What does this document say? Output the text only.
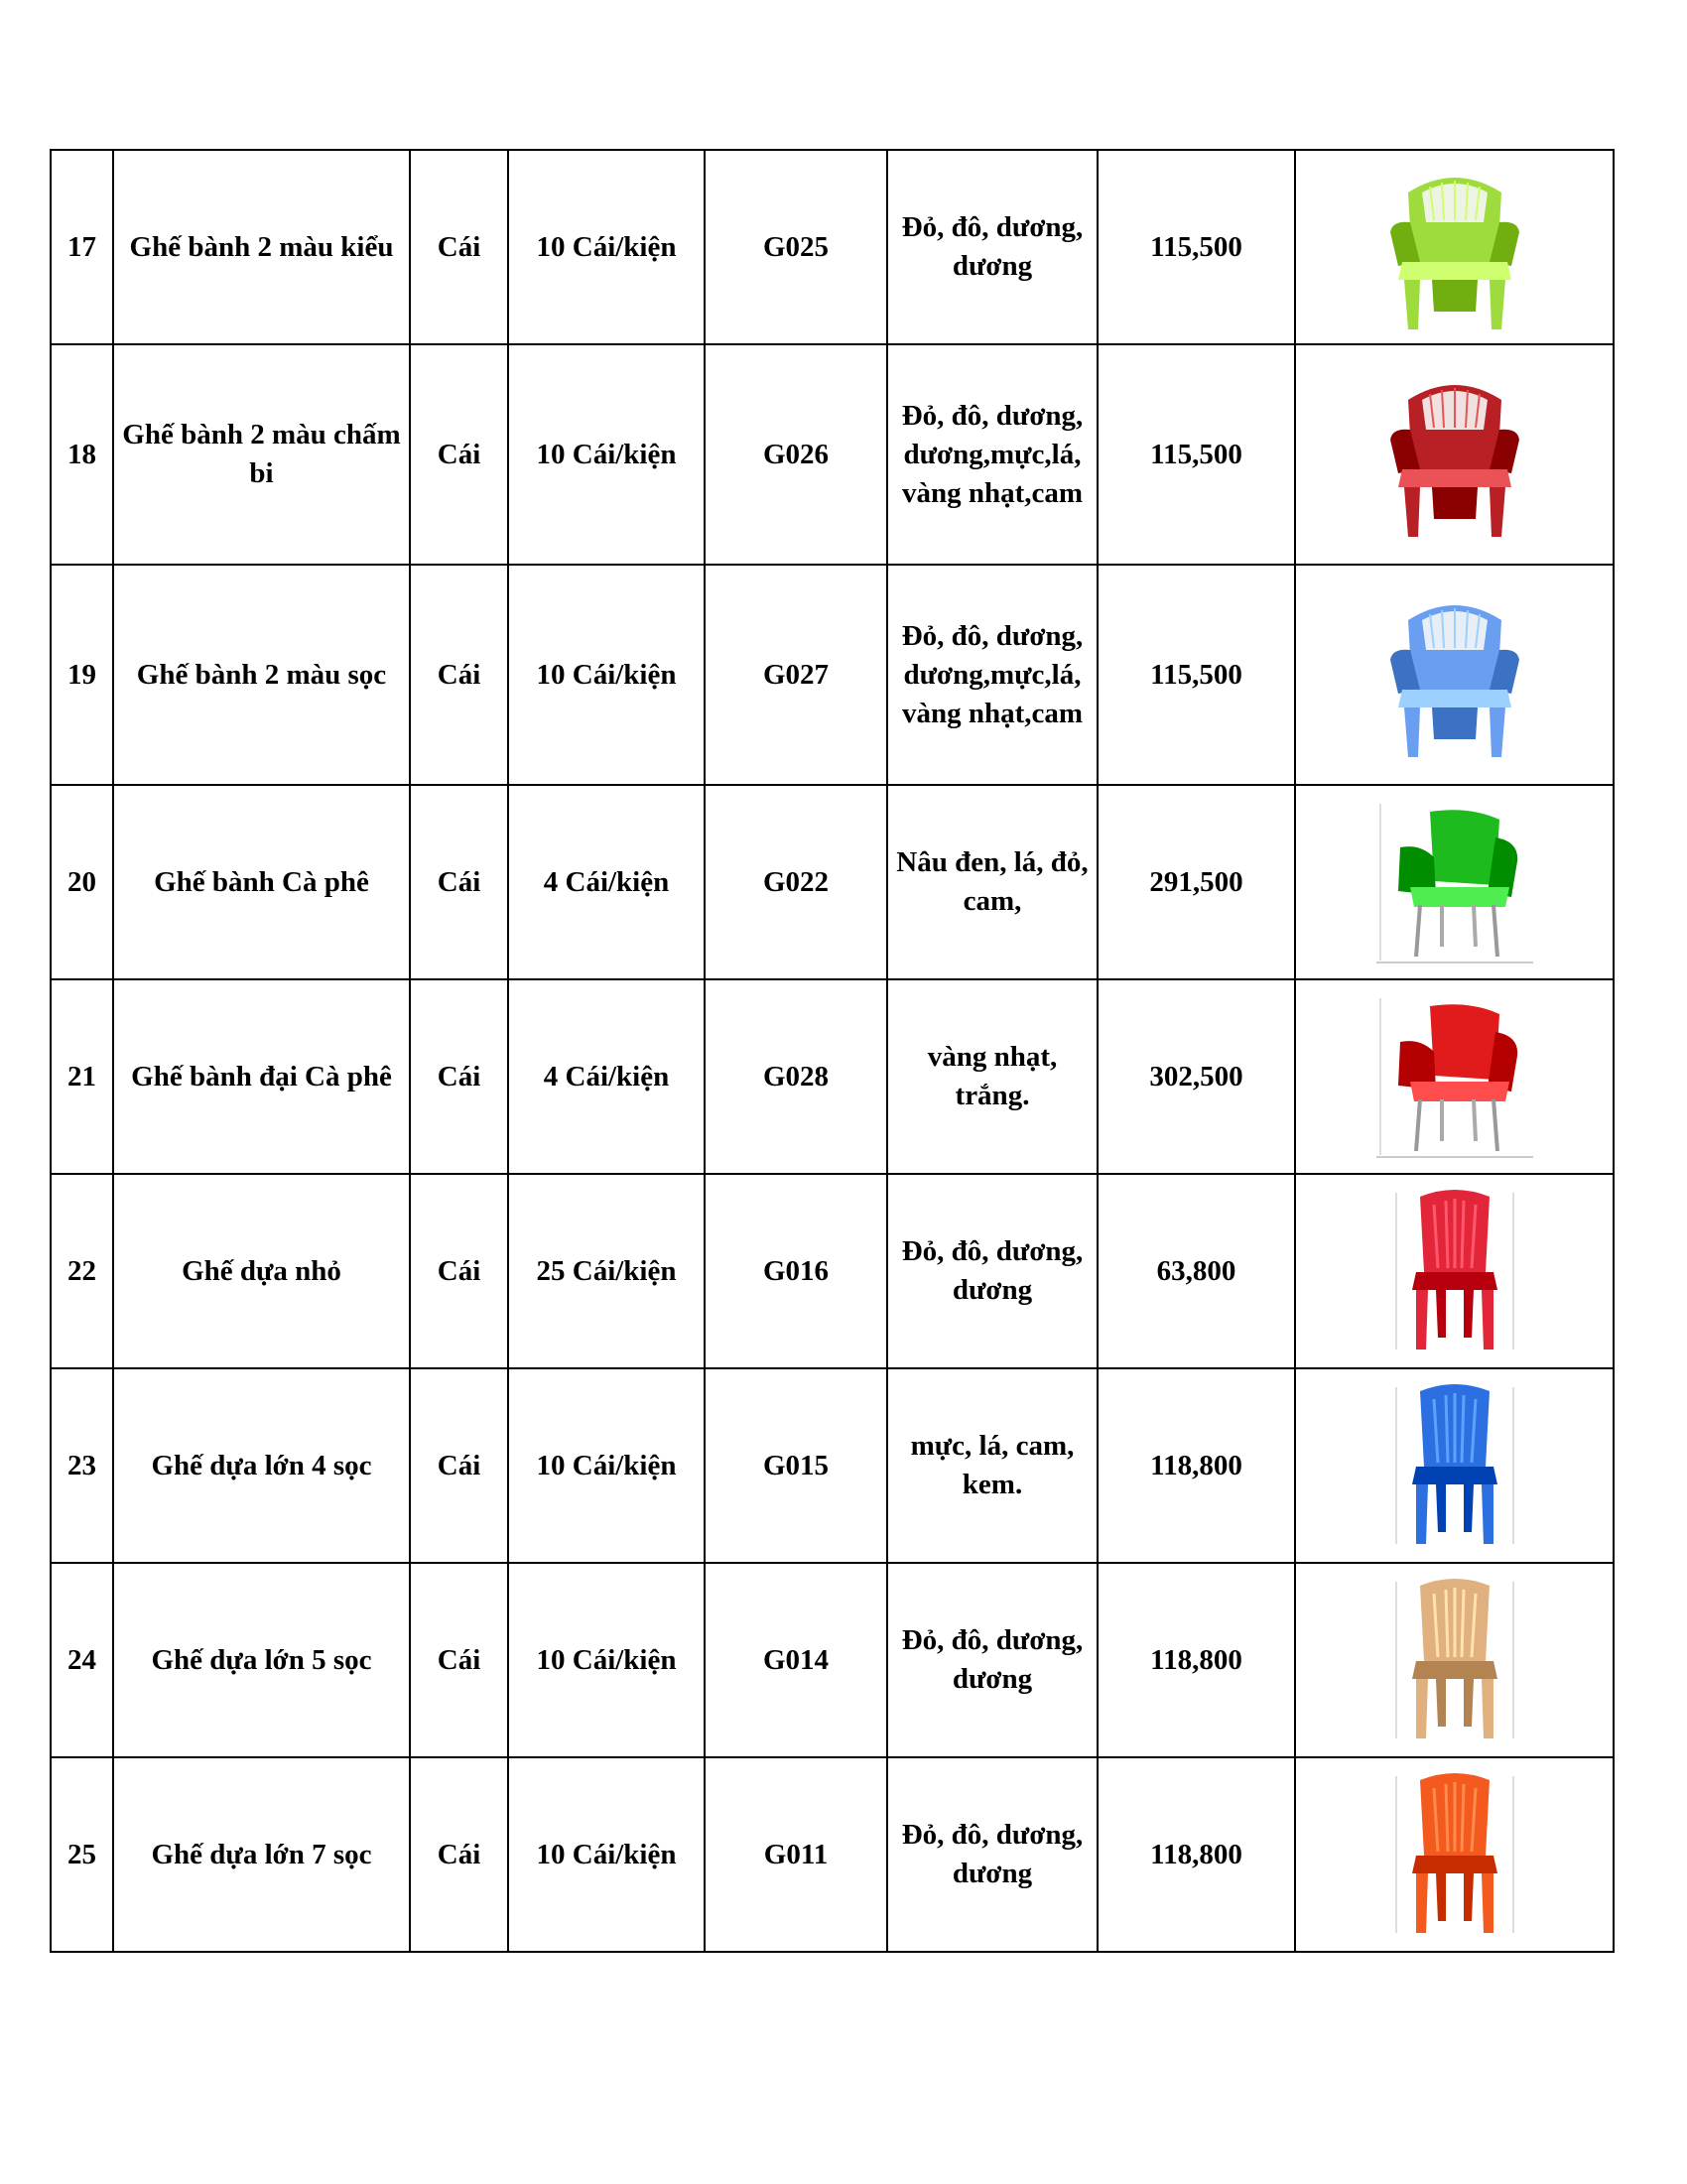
17	Ghế bành 2 màu kiểu	Cái	10 Cái/kiện	G025	Đỏ, đô, dương, dương	115,500	

18	Ghế bành 2 màu chấm bi	Cái	10 Cái/kiện	G026	Đỏ, đô, dương, dương,mực,lá, vàng nhạt,cam	115,500	

19	Ghế bành 2 màu sọc	Cái	10 Cái/kiện	G027	Đỏ, đô, dương, dương,mực,lá, vàng nhạt,cam	115,500	

20	Ghế bành Cà phê	Cái	4 Cái/kiện	G022	Nâu đen, lá, đỏ, cam,	291,500	

21	Ghế bành đại Cà phê	Cái	4 Cái/kiện	G028	vàng nhạt, trắng.	302,500	

22	Ghế dựa nhỏ	Cái	25 Cái/kiện	G016	Đỏ, đô, dương, dương	63,800	

23	Ghế dựa lớn 4 sọc	Cái	10 Cái/kiện	G015	mực, lá, cam, kem.	118,800	

24	Ghế dựa lớn 5 sọc	Cái	10 Cái/kiện	G014	Đỏ, đô, dương, dương	118,800	

25	Ghế dựa lớn 7 sọc	Cái	10 Cái/kiện	G011	Đỏ, đô, dương, dương	118,800	
